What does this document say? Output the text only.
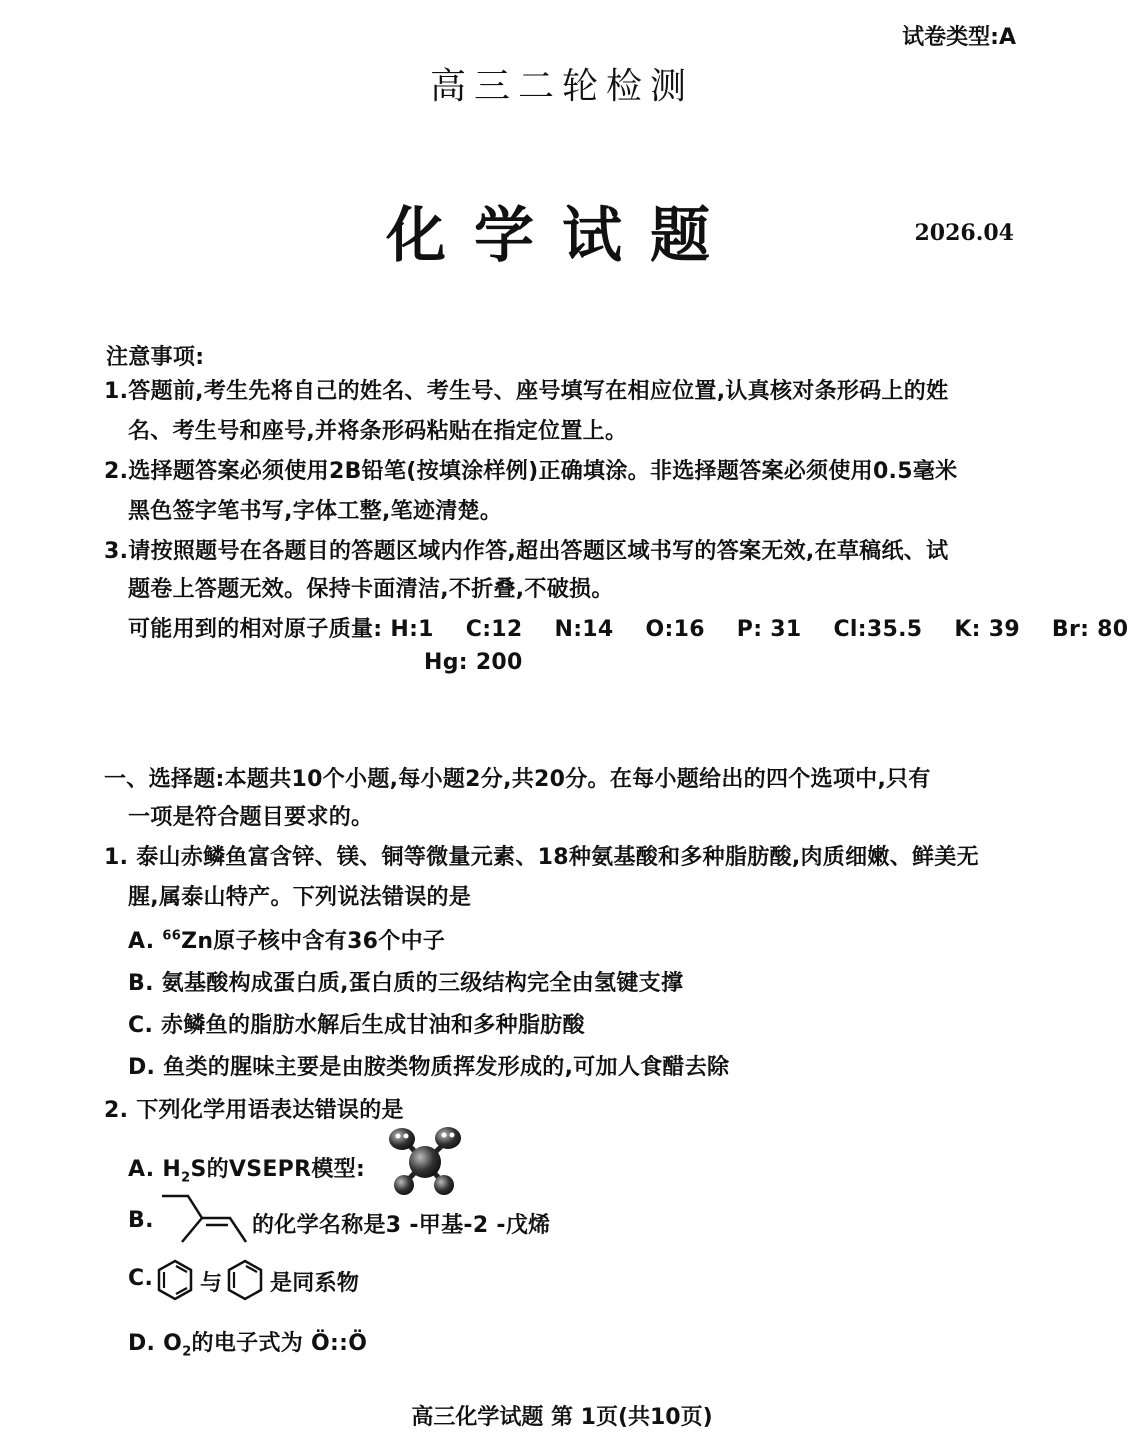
试卷类型:A
高三二轮检测
化学试题	2026.04
注意事项:
1.答题前,考生先将自己的姓名、考生号、座号填写在相应位置,认真核对条形码上的姓
名、考生号和座号,并将条形码粘贴在指定位置上。
2.选择题答案必须使用2B铅笔(按填涂样例)正确填涂。非选择题答案必须使用0.5毫米
黑色签字笔书写,字体工整,笔迹清楚。
3.请按照题号在各题目的答题区域内作答,超出答题区域书写的答案无效,在草稿纸、试
题卷上答题无效。保持卡面清洁,不折叠,不破损。
可能用到的相对原子质量: H:1 C:12 N:14 O:16 P: 31 Cl:35.5 K: 39 Br: 80
Hg: 200
一、选择题:本题共10个小题,每小题2分,共20分。在每小题给出的四个选项中,只有
一项是符合题目要求的。
1. 泰山赤鳞鱼富含锌、镁、铜等微量元素、18种氨基酸和多种脂肪酸,肉质细嫩、鲜美无
腥,属泰山特产。下列说法错误的是
A. $^{66}$Zn原子核中含有36个中子
B. 氨基酸构成蛋白质,蛋白质的三级结构完全由氢键支撑
C. 赤鳞鱼的脂肪水解后生成甘油和多种脂肪酸
D. 鱼类的腥味主要是由胺类物质挥发形成的,可加人食醋去除
2. 下列化学用语表达错误的是
A. $H_2S$的VSEPR模型:
B.	的化学名称是3 -甲基-2 -戊烯
C. 与 是同系物
D. $O_2$的电子式为 Ö::Ö
高三化学试题 第 1页(共10页)
